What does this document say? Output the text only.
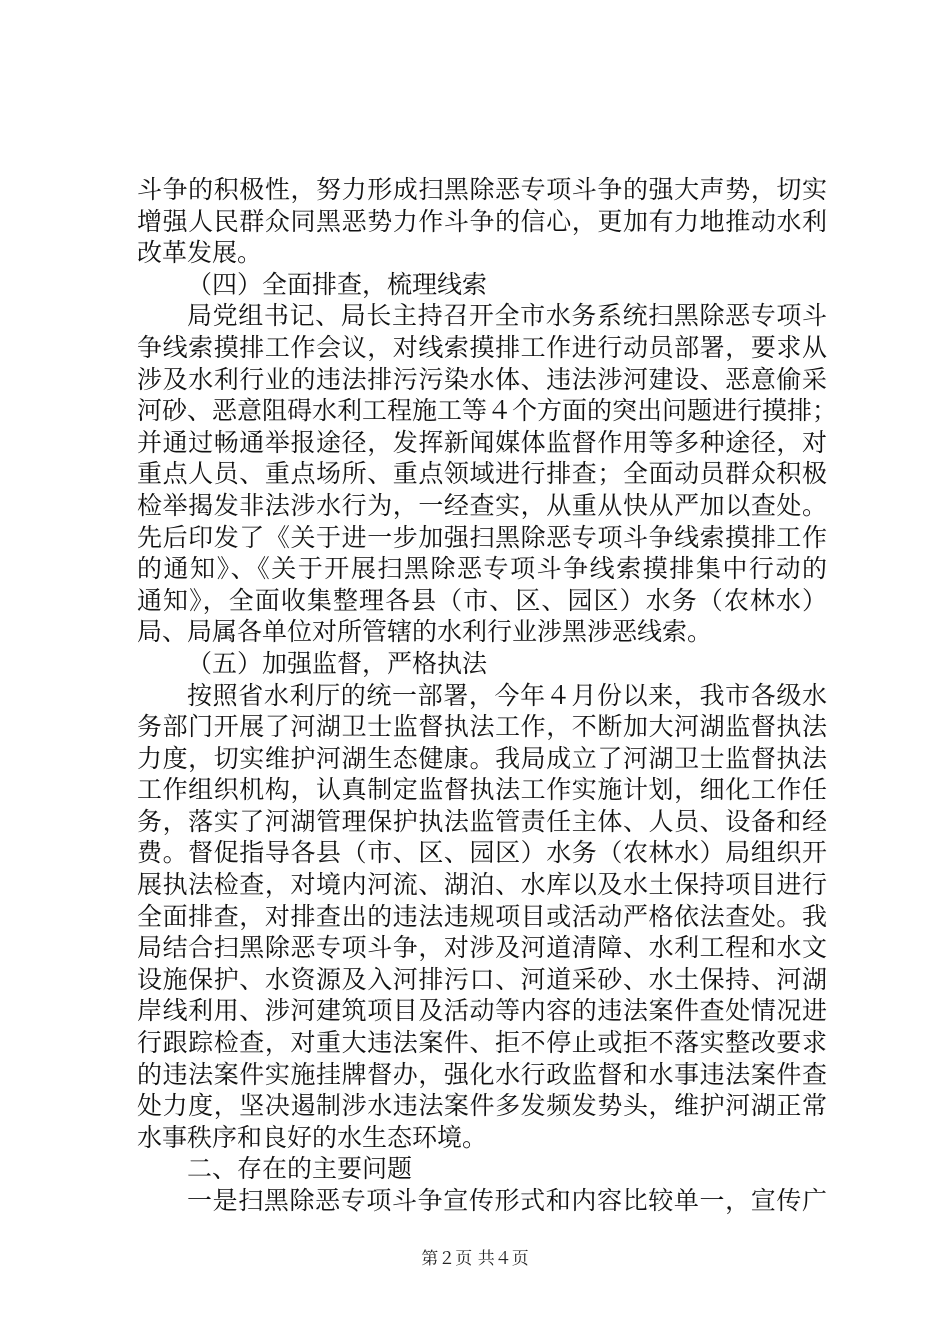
斗争的积极性，努力形成扫黑除恶专项斗争的强大声势，切实
增强人民群众同黑恶势力作斗争的信心，更加有力地推动水利
改革发展。
（四）全面排查，梳理线索
局党组书记、局长主持召开全市水务系统扫黑除恶专项斗
争线索摸排工作会议，对线索摸排工作进行动员部署，要求从
涉及水利行业的违法排污污染水体、违法涉河建设、恶意偷采
河砂、恶意阻碍水利工程施工等４个方面的突出问题进行摸排；
并通过畅通举报途径，发挥新闻媒体监督作用等多种途径，对
重点人员、重点场所、重点领域进行排查；全面动员群众积极
检举揭发非法涉水行为，一经查实，从重从快从严加以查处。
先后印发了《关于进一步加强扫黑除恶专项斗争线索摸排工作
的通知》、《关于开展扫黑除恶专项斗争线索摸排集中行动的
通知》，全面收集整理各县（市、区、园区）水务（农林水）
局、局属各单位对所管辖的水利行业涉黑涉恶线索。
（五）加强监督，严格执法
按照省水利厅的统一部署，今年４月份以来，我市各级水
务部门开展了河湖卫士监督执法工作，不断加大河湖监督执法
力度，切实维护河湖生态健康。我局成立了河湖卫士监督执法
工作组织机构，认真制定监督执法工作实施计划，细化工作任
务，落实了河湖管理保护执法监管责任主体、人员、设备和经
费。督促指导各县（市、区、园区）水务（农林水）局组织开
展执法检查，对境内河流、湖泊、水库以及水土保持项目进行
全面排查，对排查出的违法违规项目或活动严格依法查处。我
局结合扫黑除恶专项斗争，对涉及河道清障、水利工程和水文
设施保护、水资源及入河排污口、河道采砂、水土保持、河湖
岸线利用、涉河建筑项目及活动等内容的违法案件查处情况进
行跟踪检查，对重大违法案件、拒不停止或拒不落实整改要求
的违法案件实施挂牌督办，强化水行政监督和水事违法案件查
处力度，坚决遏制涉水违法案件多发频发势头，维护河湖正常
水事秩序和良好的水生态环境。
二、存在的主要问题
一是扫黑除恶专项斗争宣传形式和内容比较单一，宣传广
第２页 共４页
